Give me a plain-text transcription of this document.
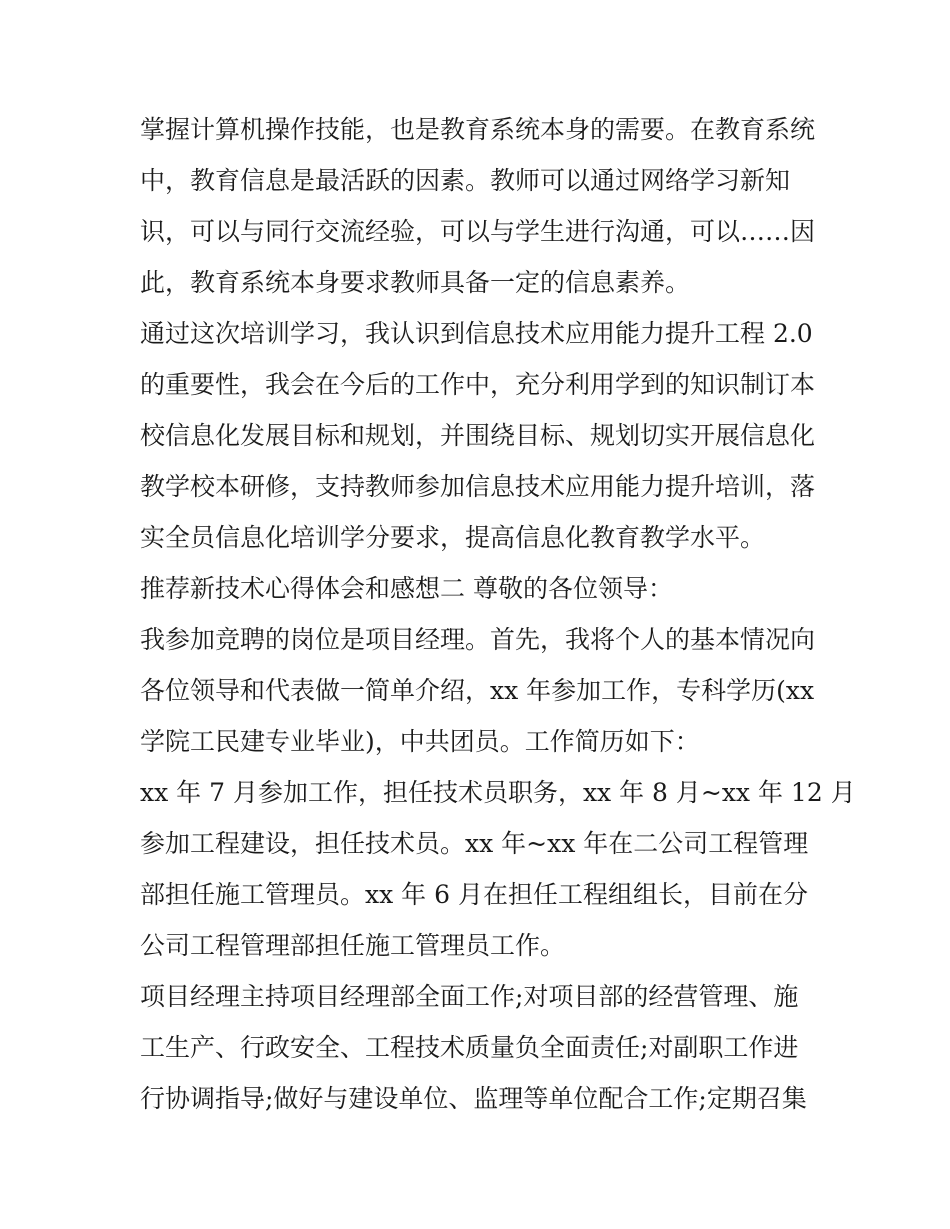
掌握计算机操作技能，也是教育系统本身的需要。在教育系统
中，教育信息是最活跃的因素。教师可以通过网络学习新知
识，可以与同行交流经验，可以与学生进行沟通，可以……因
此，教育系统本身要求教师具备一定的信息素养。
通过这次培训学习，我认识到信息技术应用能力提升工程 2.0
的重要性，我会在今后的工作中，充分利用学到的知识制订本
校信息化发展目标和规划，并围绕目标、规划切实开展信息化
教学校本研修，支持教师参加信息技术应用能力提升培训，落
实全员信息化培训学分要求，提高信息化教育教学水平。
推荐新技术心得体会和感想二 尊敬的各位领导：
我参加竞聘的岗位是项目经理。首先，我将个人的基本情况向
各位领导和代表做一简单介绍，xx 年参加工作，专科学历(xx
学院工民建专业毕业)，中共团员。工作简历如下：
xx 年 7 月参加工作，担任技术员职务，xx 年 8 月~xx 年 12 月
参加工程建设，担任技术员。xx 年~xx 年在二公司工程管理
部担任施工管理员。xx 年 6 月在担任工程组组长，目前在分
公司工程管理部担任施工管理员工作。
项目经理主持项目经理部全面工作;对项目部的经营管理、施
工生产、行政安全、工程技术质量负全面责任;对副职工作进
行协调指导;做好与建设单位、监理等单位配合工作;定期召集
